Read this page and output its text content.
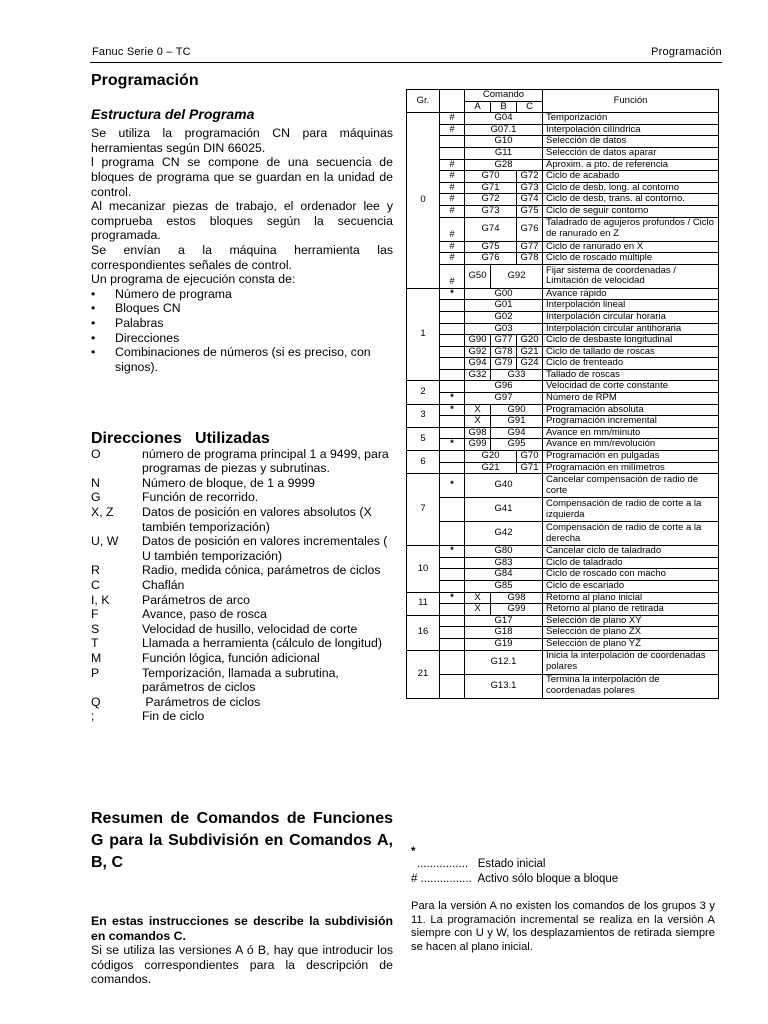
Fanuc Serie 0 – TC	Programación
Programación
Estructura del Programa

Se utiliza la programación CN para máquinas herramientas según DIN 66025.

l programa CN se compone de una secuencia de bloques de programa que se guardan en la unidad de control.

Al mecanizar piezas de trabajo, el ordenador lee y comprueba estos bloques según la secuencia programada.

Se envían a la máquina herramienta las correspondientes señales de control.

Un programa de ejecución consta de:

• Número de programa
• Bloques CN
• Palabras
• Direcciones
• Combinaciones de números (si es preciso, con signos).
Direcciones   Utilizadas
O	número de programa principal 1 a 9499, para programas de piezas y subrutinas.
N	Número de bloque, de 1 a 9999
G	Función de recorrido.
X, Z	Datos de posición en valores absolutos (X también temporización)
U, W	Datos de posición en valores incrementales ( U también temporización)
R	Radio, medida cónica, parámetros de ciclos
C	Chaflán
I, K	Parámetros de arco
F	Avance, paso de rosca
S	Velocidad de husillo, velocidad de corte
T	Llamada a herramienta (cálculo de longitud)
M	Función lógica, función adicional
P	Temporización, llamada a subrutina, parámetros de ciclos
Q	Parámetros de ciclos
;	Fin de ciclo
Resumen de Comandos de Funciones G para la Subdivisión en Comandos A, B, C

En estas instrucciones se describe la subdivisión en comandos C.

Si se utiliza las versiones A ó B, hay que introducir los códigos correspondientes para la descripción de comandos.

Gr.		Comando			Función
		A	B	C	
0	#	G04			Temporización
	#	G07.1			Interpolación cilíndrica
		G10			Selección de datos
		G11			Selección de datos aparar
	#	G28			Aproxim. a pto. de referencia
	#	G70		G72	Ciclo de acabado
	#	G71		G73	Ciclo de desb. long. al contorno
	#	G72		G74	Ciclo de desb, trans. al contorno.
	#	G73		G75	Ciclo de seguir contorno
	#	G74		G76	Taladrado de agujeros profundos / Ciclo de ranurado en Z
	#	G75		G77	Ciclo de ranurado en X
	#	G76		G78	Ciclo de roscado múltiple
	#	G50	G92		Fijar sistema de coordenadas / Limitación de velocidad
1	*	G00			Avance rápido
		G01			Interpolación lineal
		G02			Interpolación circular horaria
		G03			Interpolación circular antihoraria
		G90	G77	G20	Ciclo de desbaste longitudinal
		G92	G78	G21	Ciclo de tallado de roscas
		G94	G79	G24	Ciclo de frenteado
		G32	G33		Tallado de roscas
2		G96			Velocidad de corte constante
	*	G97			Número de RPM
3	*	X	G90		Programación absoluta
		X	G91		Programación incremental
5		G98	G94		Avance en mm/minuto
	*	G99	G95		Avance en mm/revolución
6		G20		G70	Programación en pulgadas
		G21		G71	Programación en milímetros
7	*	G40			Cancelar compensación de radio de corte
		G41			Compensación de radio de corte a la izquierda
		G42			Compensación de radio de corte a la derecha
10	*	G80			Cancelar ciclo de taladrado
		G83			Ciclo de taladrado
		G84			Ciclo de roscado con macho
		G85			Ciclo de escariado
11	*	X	G98		Retorno al plano inicial
		X	G99		Retorno al plano de retirada
16		G17			Selección de plano XY
		G18			Selección de plano ZX
		G19			Selección de plano YZ
21		G12.1			Inicia la interpolación de coordenadas polares
		G13.1			Termina la interpolación de coordenadas polares
*
................   Estado inicial
# ................  Activo sólo bloque a bloque
Para la versión A no existen los comandos de los grupos 3 y 11. La programación incremental se realiza en la versión A siempre con U y W, los desplazamientos de retirada siempre se hacen al plano inicial.
